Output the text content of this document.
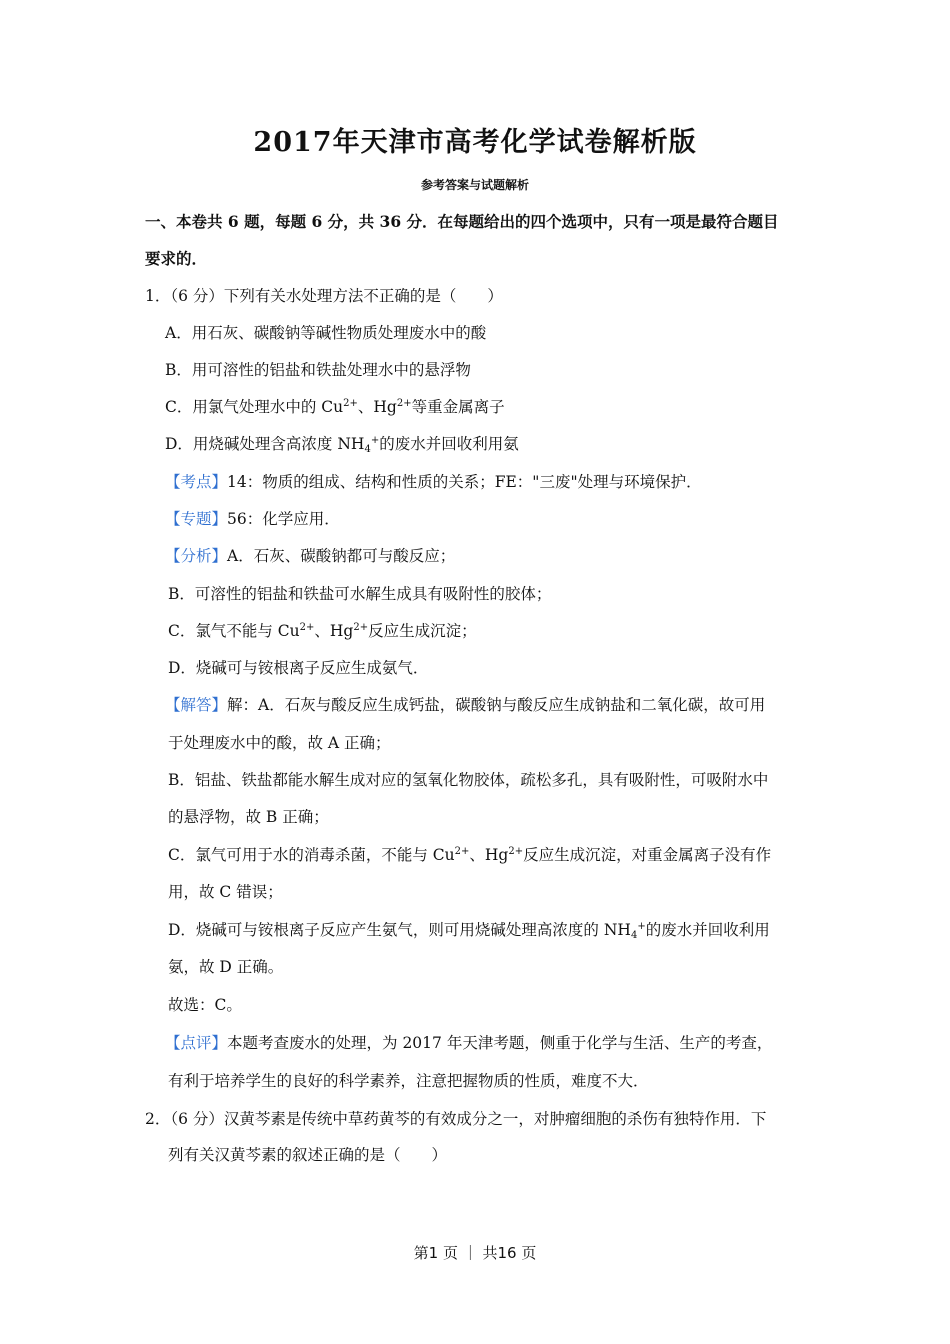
2017年天津市高考化学试卷解析版
参考答案与试题解析
一、本卷共 6 题，每题 6 分，共 36 分．在每题给出的四个选项中，只有一项是最符合题目
要求的．
1．（6 分）下列有关水处理方法不正确的是（　　）
A．用石灰、碳酸钠等碱性物质处理废水中的酸
B．用可溶性的铝盐和铁盐处理水中的悬浮物
C．用氯气处理水中的 $Cu^{2+}$、$Hg^{2+}$等重金属离子
D．用烧碱处理含高浓度 $NH_4^+$的废水并回收利用氨
【考点】14：物质的组成、结构和性质的关系；FE："三废"处理与环境保护．
【专题】56：化学应用．
【分析】A．石灰、碳酸钠都可与酸反应；
B．可溶性的铝盐和铁盐可水解生成具有吸附性的胶体；
C．氯气不能与 $Cu^{2+}$、$Hg^{2+}$反应生成沉淀；
D．烧碱可与铵根离子反应生成氨气．
【解答】解：A．石灰与酸反应生成钙盐，碳酸钠与酸反应生成钠盐和二氧化碳，故可用
于处理废水中的酸，故 A 正确；
B．铝盐、铁盐都能水解生成对应的氢氧化物胶体，疏松多孔，具有吸附性，可吸附水中
的悬浮物，故 B 正确；
C．氯气可用于水的消毒杀菌，不能与 $Cu^{2+}$、$Hg^{2+}$反应生成沉淀，对重金属离子没有作
用，故 C 错误；
D．烧碱可与铵根离子反应产生氨气，则可用烧碱处理高浓度的 $NH_4^+$的废水并回收利用
氨，故 D 正确。
故选：C。
【点评】本题考查废水的处理，为 2017 年天津考题，侧重于化学与生活、生产的考查，
有利于培养学生的良好的科学素养，注意把握物质的性质，难度不大．
2．（6 分）汉黄芩素是传统中草药黄芩的有效成分之一，对肿瘤细胞的杀伤有独特作用．下
列有关汉黄芩素的叙述正确的是（　　）
第1 页 ｜ 共16 页
